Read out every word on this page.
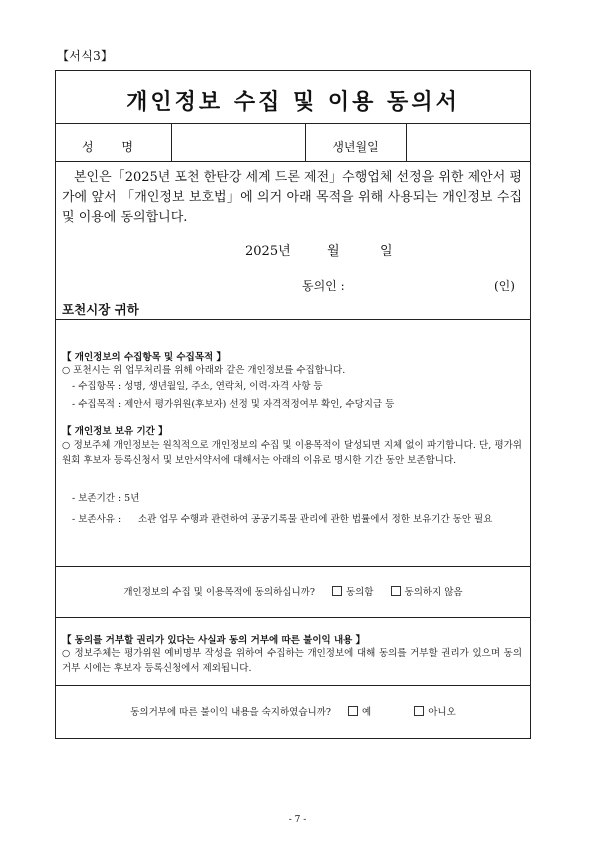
【서식3】
개인정보 수집 및 이용 동의서
성 명	생년월일
본인은「2025년 포천 한탄강 세계 드론 제전」수행업체 선정을 위한 제안서 평가에 앞서 「개인정보 보호법」에 의거 아래 목적을 위해 사용되는 개인정보 수집 및 이용에 동의합니다.
2025년	월	일
동의인 :	(인)
포천시장 귀하
【 개인정보의 수집항목 및 수집목적 】
○ 포천시는 위 업무처리를 위해 아래와 같은 개인정보를 수집합니다.
- 수집항목 : 성명, 생년월일, 주소, 연락처, 이력·자격 사항 등
- 수집목적 : 제안서 평가위원(후보자) 선정 및 자격적정여부 확인, 수당지급 등
【 개인정보 보유 기간 】
○ 정보주체 개인정보는 원칙적으로 개인정보의 수집 및 이용목적이 달성되면 지체 없이 파기합니다. 단, 평가위원회 후보자 등록신청서 및 보안서약서에 대해서는 아래의 이유로 명시한 기간 동안 보존합니다.
- 보존기간 : 5년
- 보존사유 : 소관 업무 수행과 관련하여 공공기록물 관리에 관한 법률에서 정한 보유기간 동안 필요
개인정보의 수집 및 이용목적에 동의하십니까?	동의함	동의하지 않음
【 동의를 거부할 권리가 있다는 사실과 동의 거부에 따른 불이익 내용 】
○ 정보주체는 평가위원 예비명부 작성을 위하여 수집하는 개인정보에 대해 동의를 거부할 권리가 있으며 동의 거부 시에는 후보자 등록신청에서 제외됩니다.
동의거부에 따른 불이익 내용을 숙지하였습니까?	예	아니오
- 7 -
